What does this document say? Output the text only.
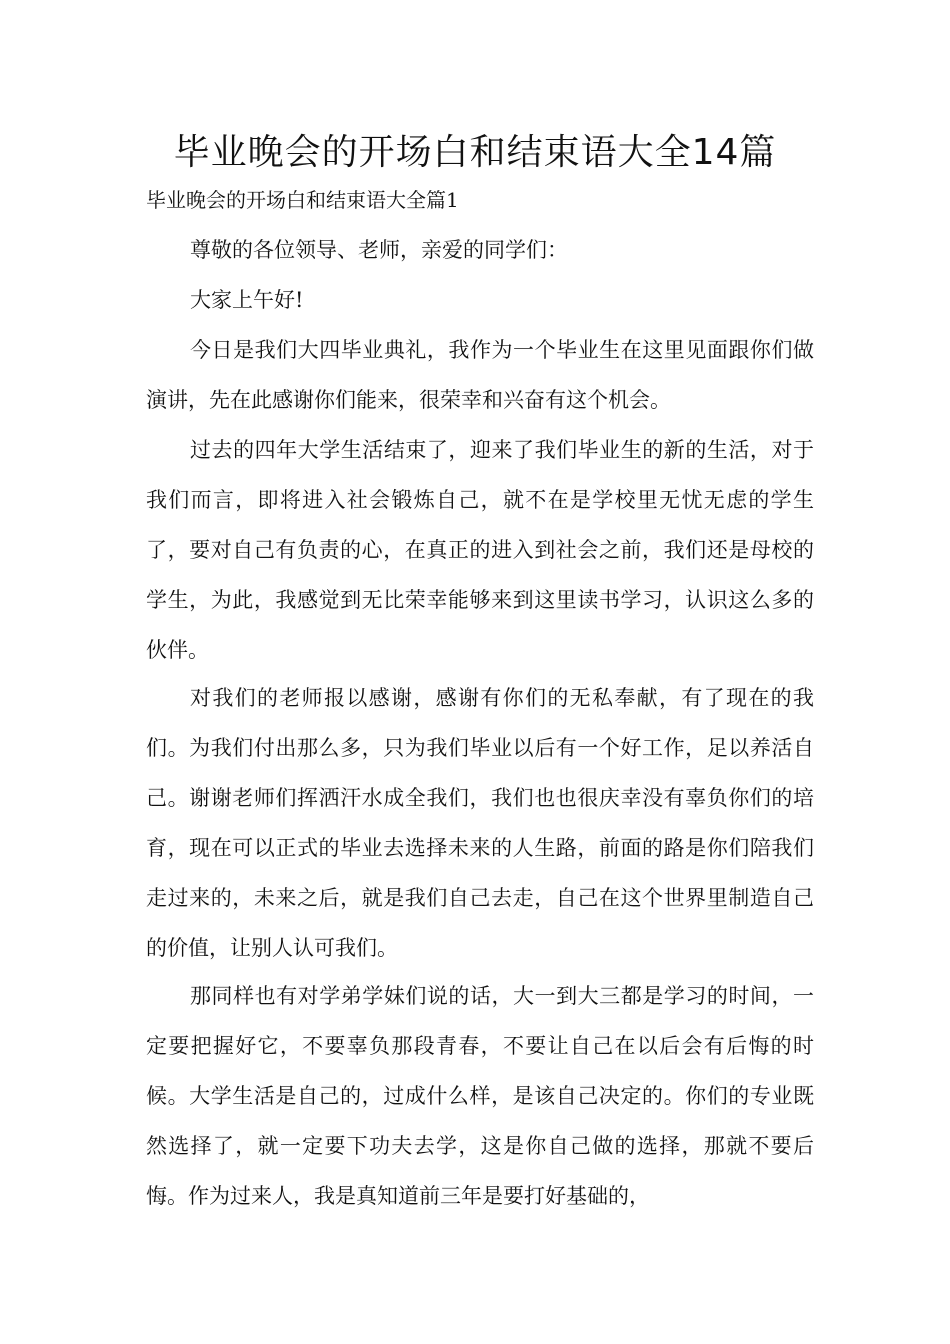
毕业晚会的开场白和结束语大全14篇

毕业晚会的开场白和结束语大全篇1

尊敬的各位领导、老师，亲爱的同学们：

大家上午好!

今日是我们大四毕业典礼，我作为一个毕业生在这里见面跟你们做演讲，先在此感谢你们能来，很荣幸和兴奋有这个机会。

过去的四年大学生活结束了，迎来了我们毕业生的新的生活，对于我们而言，即将进入社会锻炼自己，就不在是学校里无忧无虑的学生了，要对自己有负责的心，在真正的进入到社会之前，我们还是母校的学生，为此，我感觉到无比荣幸能够来到这里读书学习，认识这么多的伙伴。

对我们的老师报以感谢，感谢有你们的无私奉献，有了现在的我们。为我们付出那么多，只为我们毕业以后有一个好工作，足以养活自己。谢谢老师们挥洒汗水成全我们，我们也也很庆幸没有辜负你们的培育，现在可以正式的毕业去选择未来的人生路，前面的路是你们陪我们走过来的，未来之后，就是我们自己去走，自己在这个世界里制造自己的价值，让别人认可我们。

那同样也有对学弟学妹们说的话，大一到大三都是学习的时间，一定要把握好它，不要辜负那段青春，不要让自己在以后会有后悔的时候。大学生活是自己的，过成什么样，是该自己决定的。你们的专业既然选择了，就一定要下功夫去学，这是你自己做的选择，那就不要后悔。作为过来人，我是真知道前三年是要打好基础的，
